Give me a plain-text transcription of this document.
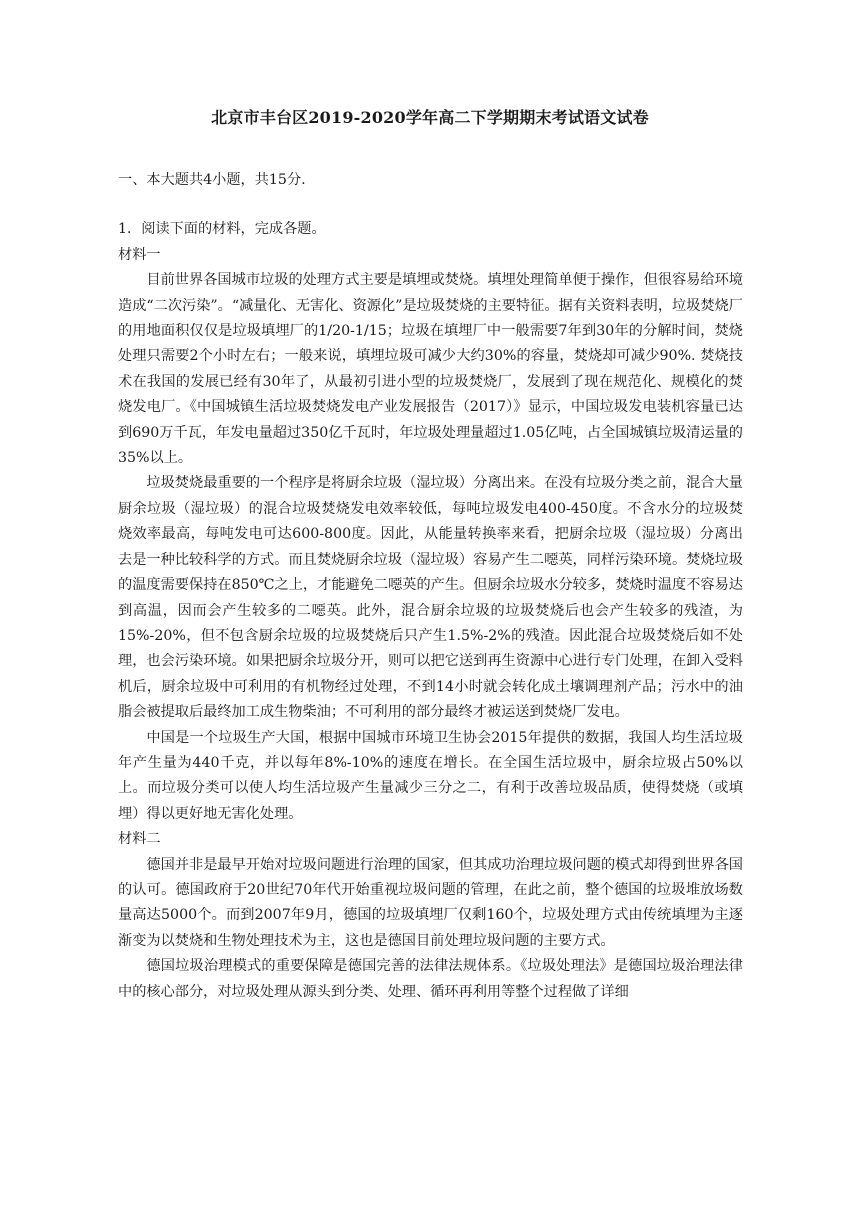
北京市丰台区2019-2020学年高二下学期期末考试语文试卷

一、本大题共4小题，共15分.

1．阅读下面的材料，完成各题。

材料一

目前世界各国城市垃圾的处理方式主要是填埋或焚烧。填埋处理简单便于操作，但很容易给环境造成“二次污染”。“减量化、无害化、资源化”是垃圾焚烧的主要特征。据有关资料表明，垃圾焚烧厂的用地面积仅仅是垃圾填埋厂的1/20-1/15；垃圾在填埋厂中一般需要7年到30年的分解时间，焚烧处理只需要2个小时左右；一般来说，填埋垃圾可减少大约30%的容量，焚烧却可减少90%. 焚烧技术在我国的发展已经有30年了，从最初引进小型的垃圾焚烧厂，发展到了现在规范化、规模化的焚烧发电厂。《中国城镇生活垃圾焚烧发电产业发展报告（2017）》显示，中国垃圾发电装机容量已达到690万千瓦，年发电量超过350亿千瓦时，年垃圾处理量超过1.05亿吨，占全国城镇垃圾清运量的35%以上。

垃圾焚烧最重要的一个程序是将厨余垃圾（湿垃圾）分离出来。在没有垃圾分类之前，混合大量厨余垃圾（湿垃圾）的混合垃圾焚烧发电效率较低，每吨垃圾发电400-450度。不含水分的垃圾焚烧效率最高，每吨发电可达600-800度。因此，从能量转换率来看，把厨余垃圾（湿垃圾）分离出去是一种比较科学的方式。而且焚烧厨余垃圾（湿垃圾）容易产生二噁英，同样污染环境。焚烧垃圾的温度需要保持在850℃之上，才能避免二噁英的产生。但厨余垃圾水分较多，焚烧时温度不容易达到高温，因而会产生较多的二噁英。此外，混合厨余垃圾的垃圾焚烧后也会产生较多的残渣，为15%-20%，但不包含厨余垃圾的垃圾焚烧后只产生1.5%-2%的残渣。因此混合垃圾焚烧后如不处理，也会污染环境。如果把厨余垃圾分开，则可以把它送到再生资源中心进行专门处理，在卸入受料机后，厨余垃圾中可利用的有机物经过处理，不到14小时就会转化成土壤调理剂产品；污水中的油脂会被提取后最终加工成生物柴油；不可利用的部分最终才被运送到焚烧厂发电。

中国是一个垃圾生产大国，根据中国城市环境卫生协会2015年提供的数据，我国人均生活垃圾年产生量为440千克，并以每年8%-10%的速度在增长。在全国生活垃圾中，厨余垃圾占50%以上。而垃圾分类可以使人均生活垃圾产生量减少三分之二，有利于改善垃圾品质，使得焚烧（或填埋）得以更好地无害化处理。

材料二

德国并非是最早开始对垃圾问题进行治理的国家，但其成功治理垃圾问题的模式却得到世界各国的认可。德国政府于20世纪70年代开始重视垃圾问题的管理，在此之前，整个德国的垃圾堆放场数量高达5000个。而到2007年9月，德国的垃圾填埋厂仅剩160个，垃圾处理方式由传统填埋为主逐渐变为以焚烧和生物处理技术为主，这也是德国目前处理垃圾问题的主要方式。

德国垃圾治理模式的重要保障是德国完善的法律法规体系。《垃圾处理法》是德国垃圾治理法律中的核心部分，对垃圾处理从源头到分类、处理、循环再利用等整个过程做了详细
